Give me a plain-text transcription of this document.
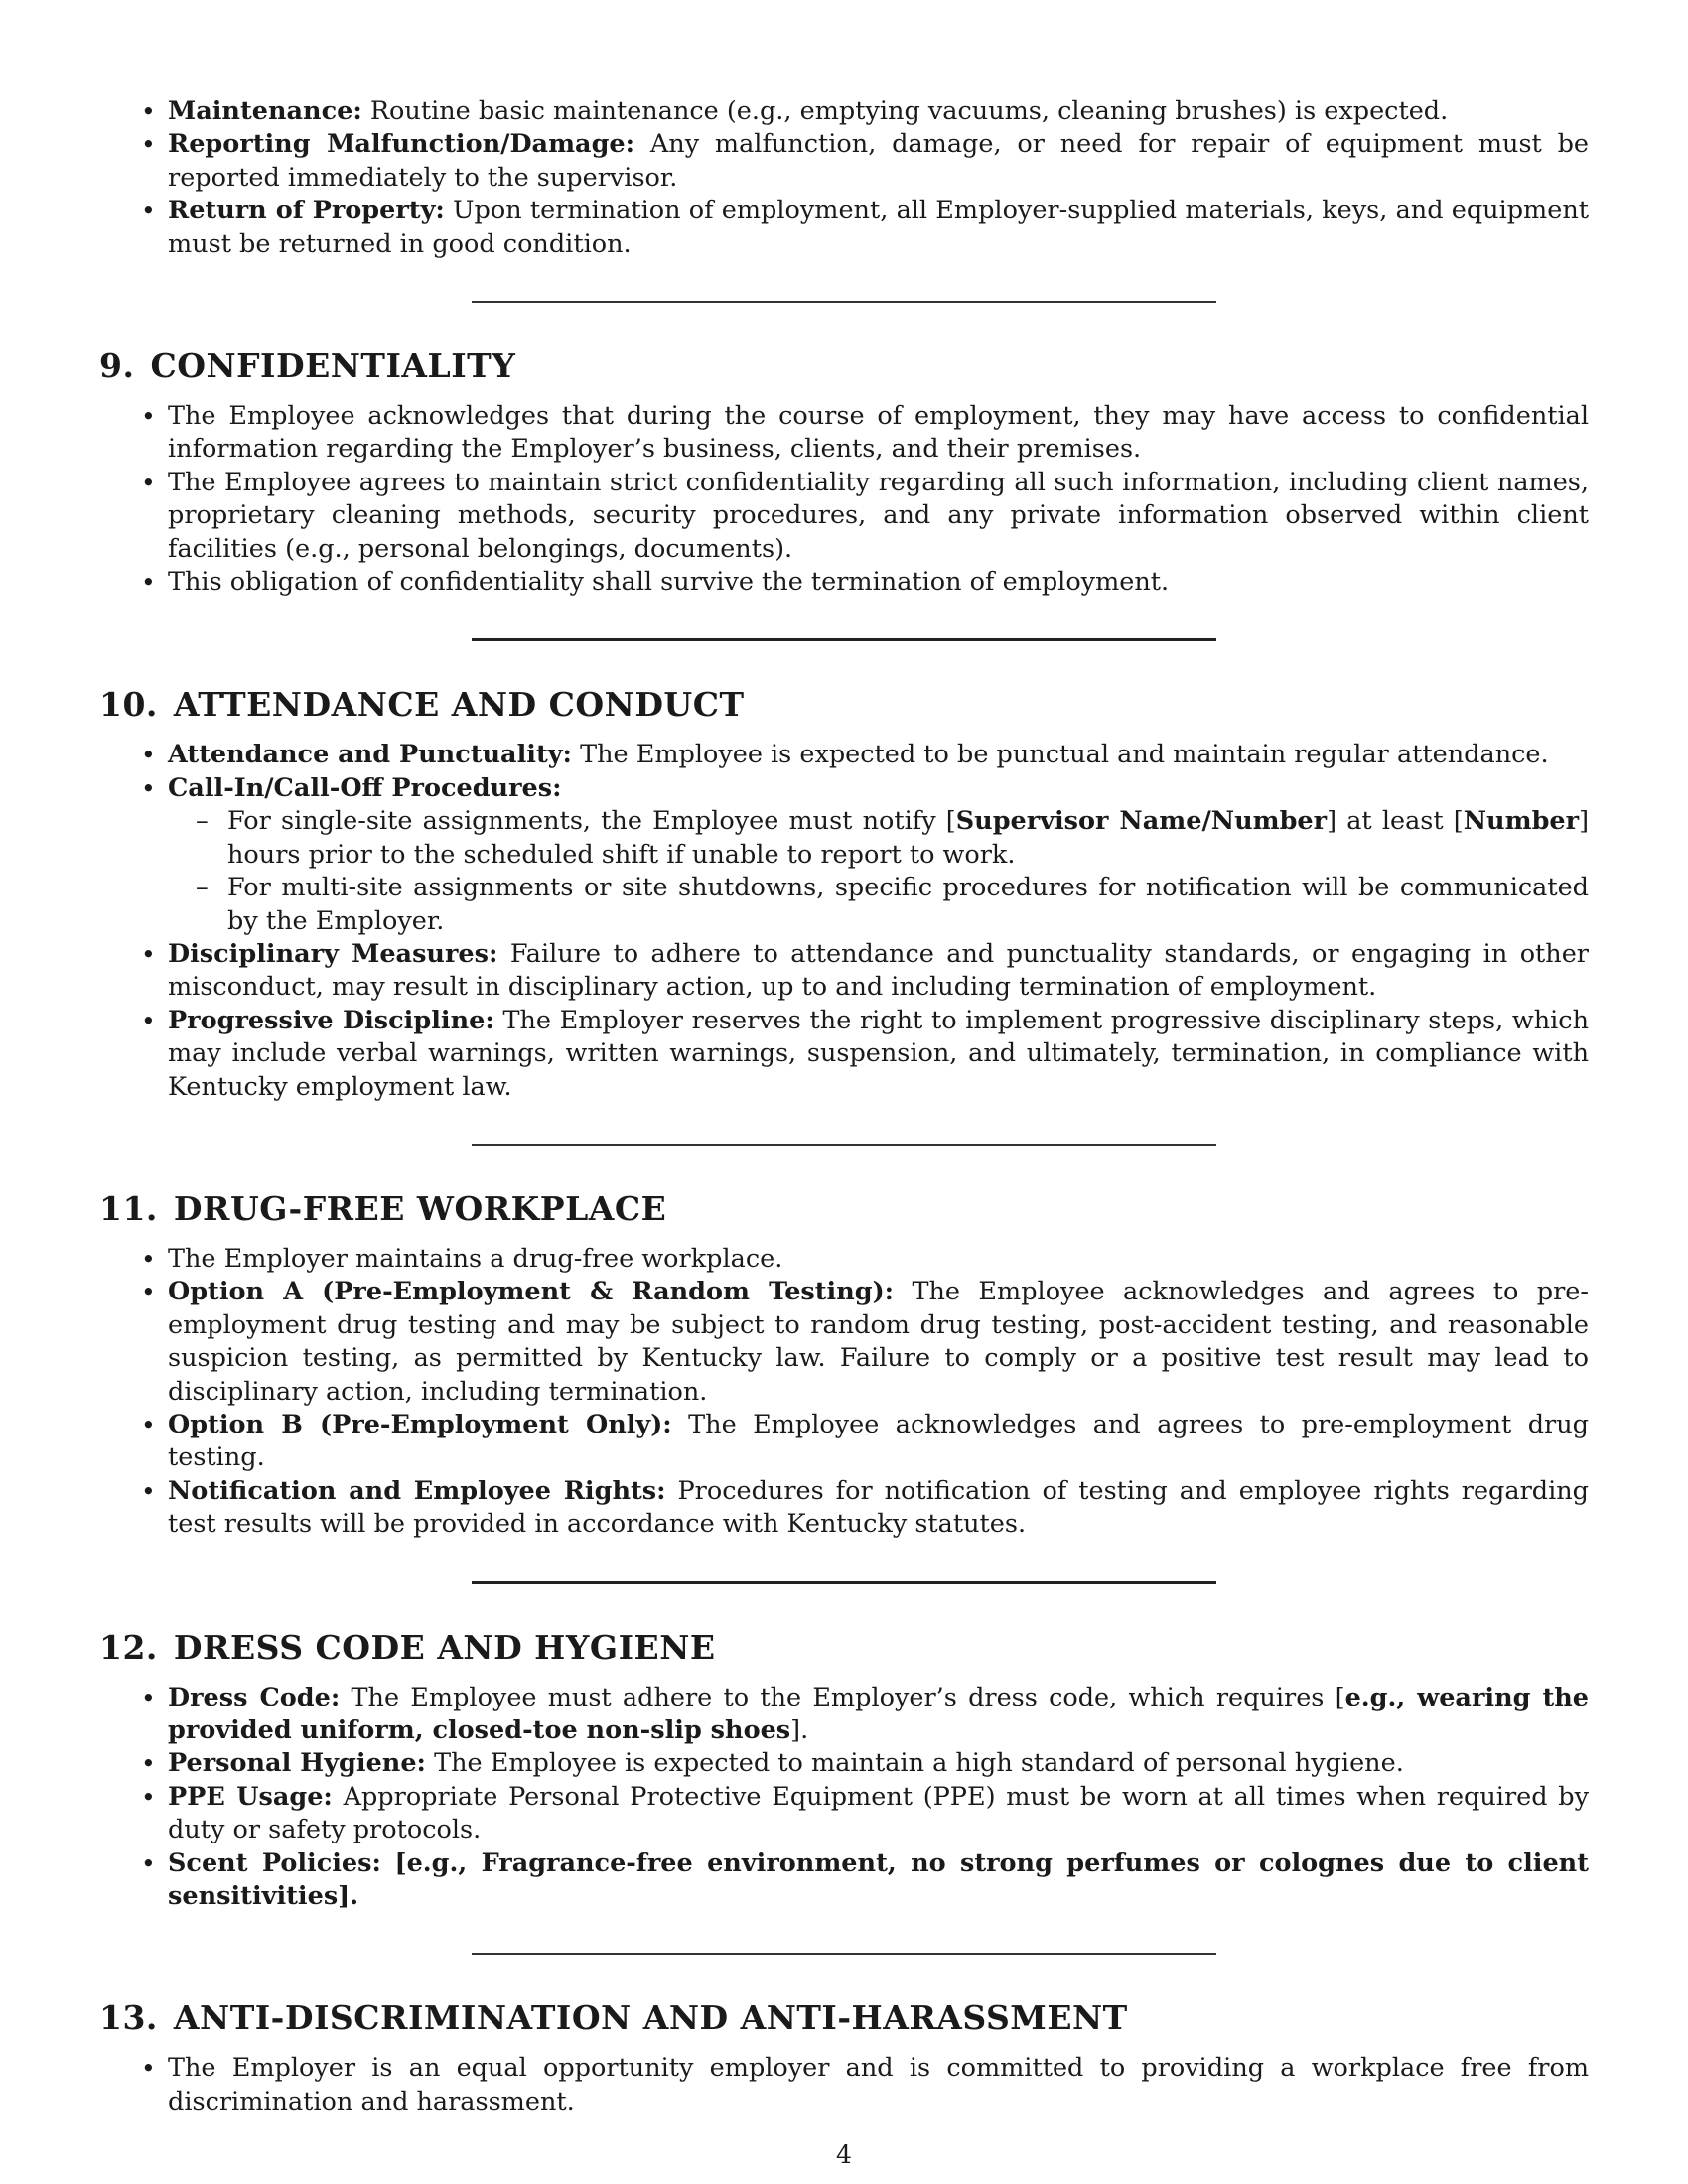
• Maintenance: Routine basic maintenance (e.g., emptying vacuums, cleaning brushes) is expected.
• Reporting Malfunction/Damage: Any malfunction, damage, or need for repair of equipment must be reported immediately to the supervisor.
• Return of Property: Upon termination of employment, all Employer-supplied materials, keys, and equipment must be returned in good condition.
9. CONFIDENTIALITY
• The Employee acknowledges that during the course of employment, they may have access to confidential information regarding the Employer’s business, clients, and their premises.
• The Employee agrees to maintain strict confidentiality regarding all such information, including client names, proprietary cleaning methods, security procedures, and any private information observed within client facilities (e.g., personal belongings, documents).
• This obligation of confidentiality shall survive the termination of employment.
10. ATTENDANCE AND CONDUCT
• Attendance and Punctuality: The Employee is expected to be punctual and maintain regular attendance.
• Call-In/Call-Off Procedures:
– For single-site assignments, the Employee must notify [Supervisor Name/Number] at least [Number] hours prior to the scheduled shift if unable to report to work.
– For multi-site assignments or site shutdowns, specific procedures for notification will be communicated by the Employer.
• Disciplinary Measures: Failure to adhere to attendance and punctuality standards, or engaging in other misconduct, may result in disciplinary action, up to and including termination of employment.
• Progressive Discipline: The Employer reserves the right to implement progressive disciplinary steps, which may include verbal warnings, written warnings, suspension, and ultimately, termination, in compliance with Kentucky employment law.
11. DRUG-FREE WORKPLACE
• The Employer maintains a drug-free workplace.
• Option A (Pre-Employment & Random Testing): The Employee acknowledges and agrees to pre-employment drug testing and may be subject to random drug testing, post-accident testing, and reasonable suspicion testing, as permitted by Kentucky law. Failure to comply or a positive test result may lead to disciplinary action, including termination.
• Option B (Pre-Employment Only): The Employee acknowledges and agrees to pre-employment drug testing.
• Notification and Employee Rights: Procedures for notification of testing and employee rights regarding test results will be provided in accordance with Kentucky statutes.
12. DRESS CODE AND HYGIENE
• Dress Code: The Employee must adhere to the Employer’s dress code, which requires [e.g., wearing the provided uniform, closed-toe non-slip shoes].
• Personal Hygiene: The Employee is expected to maintain a high standard of personal hygiene.
• PPE Usage: Appropriate Personal Protective Equipment (PPE) must be worn at all times when required by duty or safety protocols.
• Scent Policies: [e.g., Fragrance-free environment, no strong perfumes or colognes due to client sensitivities].
13. ANTI-DISCRIMINATION AND ANTI-HARASSMENT
• The Employer is an equal opportunity employer and is committed to providing a workplace free from discrimination and harassment.
4
